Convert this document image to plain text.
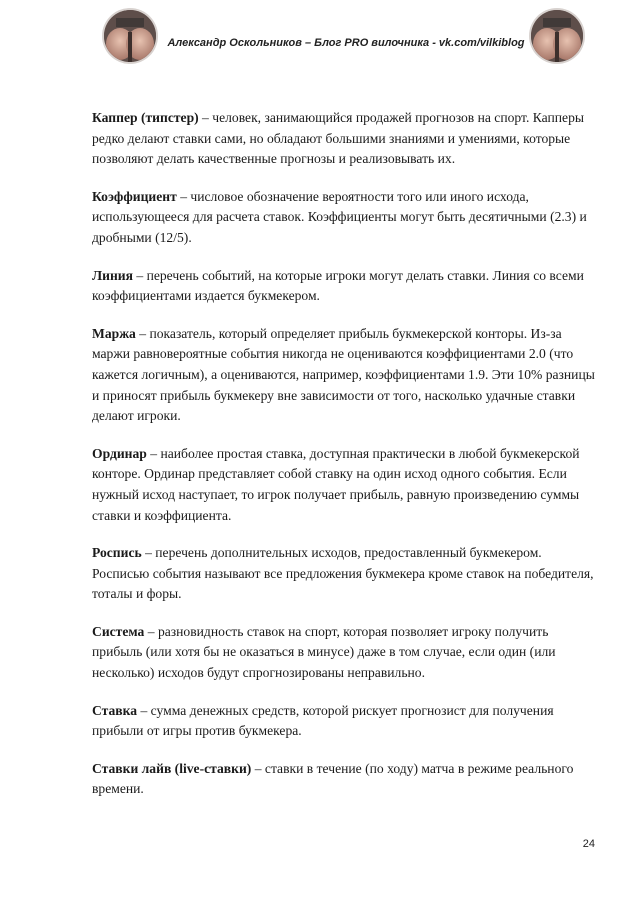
Александр Оскольников – Блог PRO вилочника - vk.com/vilkiblog

Каппер (типстер) – человек, занимающийся продажей прогнозов на спорт. Капперы редко делают ставки сами, но обладают большими знаниями и умениями, которые позволяют делать качественные прогнозы и реализовывать их.

Коэффициент – числовое обозначение вероятности того или иного исхода, использующееся для расчета ставок. Коэффициенты могут быть десятичными (2.3) и дробными (12/5).

Линия – перечень событий, на которые игроки могут делать ставки. Линия со всеми коэффициентами издается букмекером.

Маржа – показатель, который определяет прибыль букмекерской конторы. Из-за маржи равновероятные события никогда не оцениваются коэффициентами 2.0 (что кажется логичным), а оцениваются, например, коэффициентами 1.9. Эти 10% разницы и приносят прибыль букмекеру вне зависимости от того, насколько удачные ставки делают игроки.

Ординар – наиболее простая ставка, доступная практически в любой букмекерской конторе. Ординар представляет собой ставку на один исход одного события. Если нужный исход наступает, то игрок получает прибыль, равную произведению суммы ставки и коэффициента.

Роспись – перечень дополнительных исходов, предоставленный букмекером. Росписью события называют все предложения букмекера кроме ставок на победителя, тоталы и форы.

Система – разновидность ставок на спорт, которая позволяет игроку получить прибыль (или хотя бы не оказаться в минусе) даже в том случае, если один (или несколько) исходов будут спрогнозированы неправильно.

Ставка – сумма денежных средств, которой рискует прогнозист для получения прибыли от игры против букмекера.

Ставки лайв (live-ставки) – ставки в течение (по ходу) матча в режиме реального времени.

24
